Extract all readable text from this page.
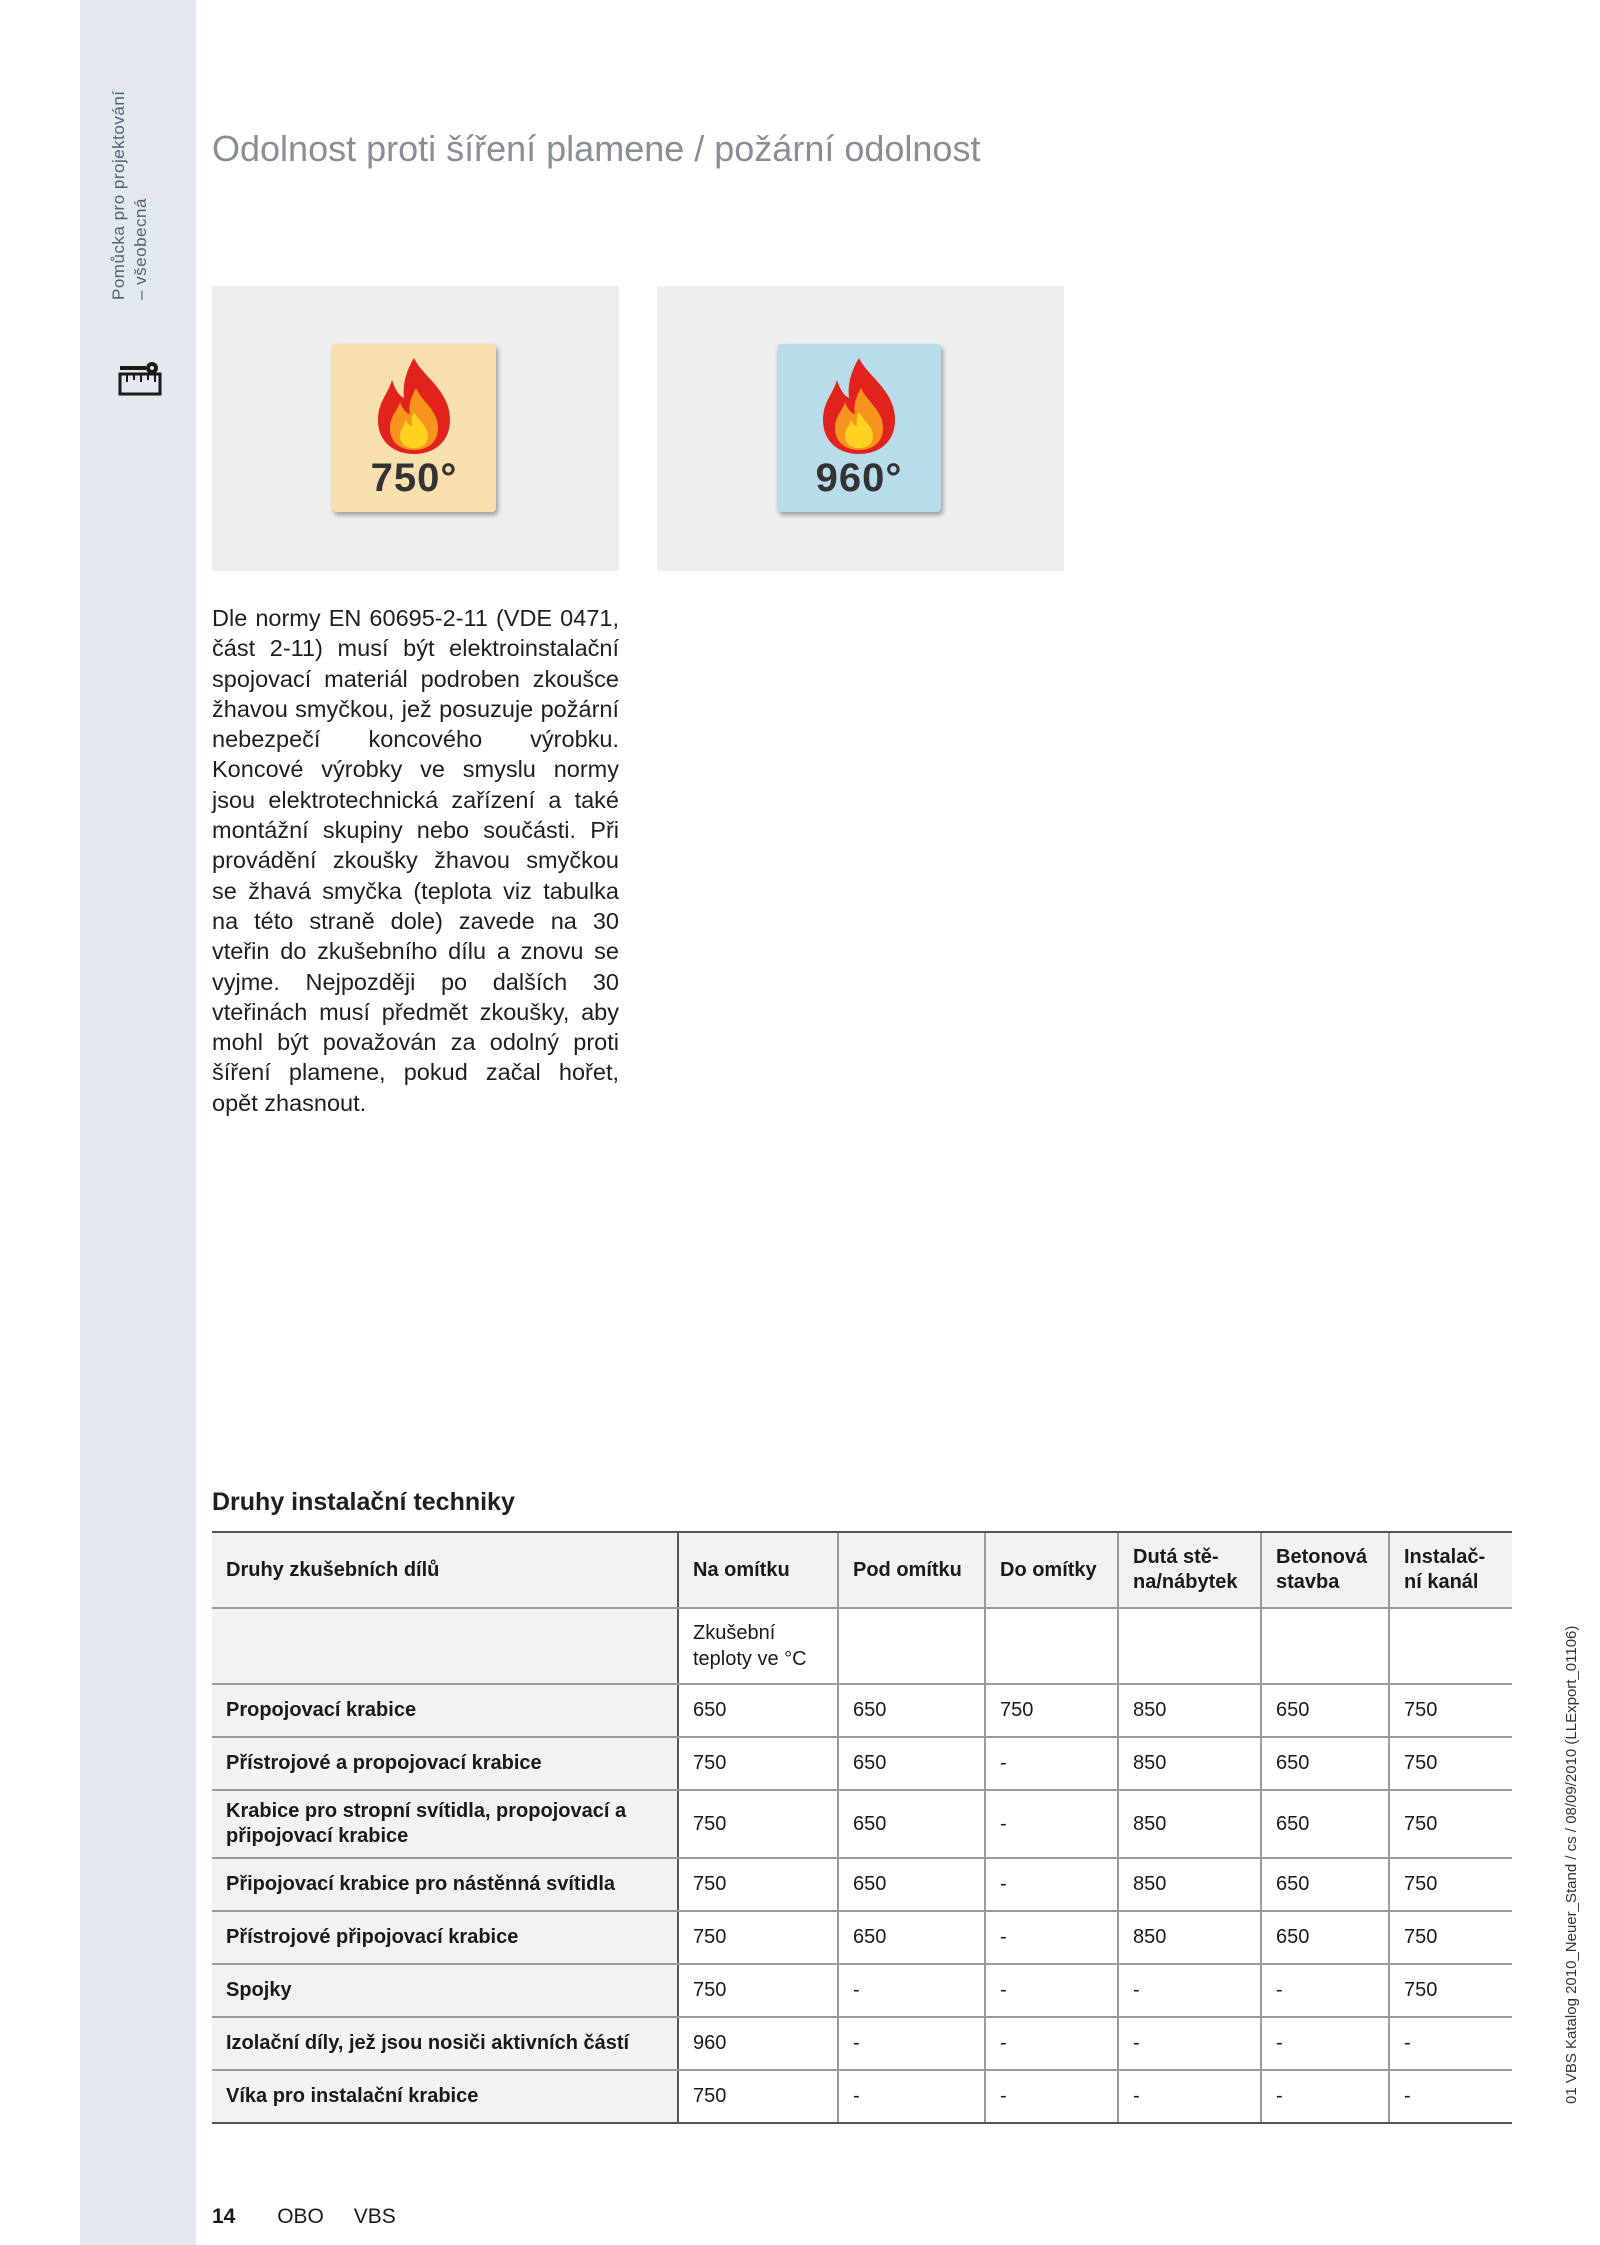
Pomůcka pro projektování – všeobecná
Odolnost proti šíření plamene / požární odolnost
750°	960°

Dle normy EN 60695-2-11 (VDE 0471, část 2-11) musí být elektroinstalační spojovací materiál podroben zkoušce žhavou smyčkou, jež posuzuje požární nebezpečí koncového výrobku. Koncové výrobky ve smyslu normy jsou elektrotechnická zařízení a také montážní skupiny nebo součásti. Při provádění zkoušky žhavou smyčkou se žhavá smyčka (teplota viz tabulka na této straně dole) zavede na 30 vteřin do zkušebního dílu a znovu se vyjme. Nejpozději po dalších 30 vteřinách musí předmět zkoušky, aby mohl být považován za odolný proti šíření plamene, pokud začal hořet, opět zhasnout.

Druhy instalační techniky
Druhy zkušebních dílů	Na omítku	Pod omítku	Do omítky	Dutá stě-na/nábytek	Betonová stavba	Instalač-ní kanál
	Zkušební teploty ve °C					
Propojovací krabice	650	650	750	850	650	750
Přístrojové a propojovací krabice	750	650	-	850	650	750
Krabice pro stropní svítidla, propojovací a připojovací krabice	750	650	-	850	650	750
Připojovací krabice pro nástěnná svítidla	750	650	-	850	650	750
Přístrojové připojovací krabice	750	650	-	850	650	750
Spojky	750	-	-	-	-	750
Izolační díly, jež jsou nosiči aktivních částí	960	-	-	-	-	-
Víka pro instalační krabice	750	-	-	-	-	-
14 OBO VBS
01 VBS Katalog 2010_Neuer_Stand / cs / 08/09/2010 (LLExport_01106)
